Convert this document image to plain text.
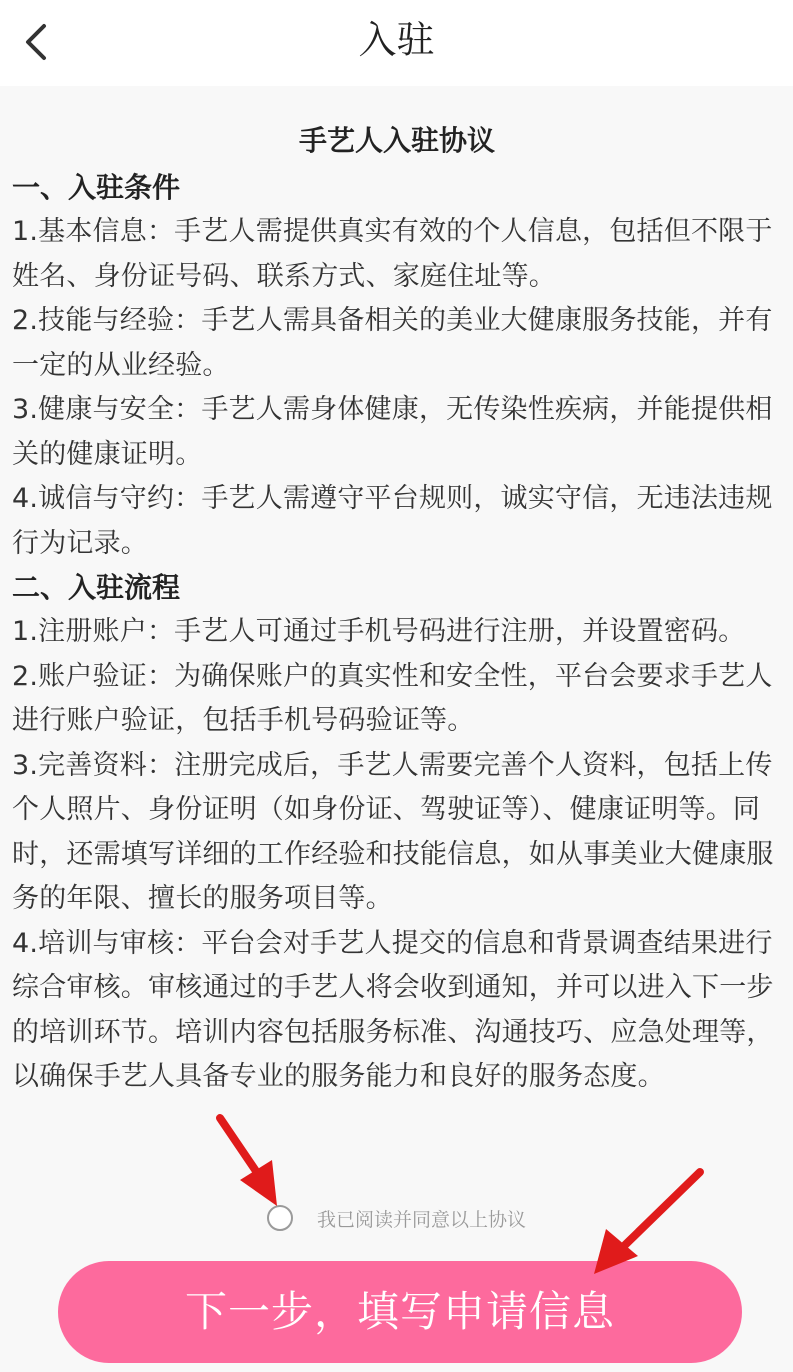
入驻
手艺人入驻协议
一、入驻条件
1.基本信息：手艺人需提供真实有效的个人信息，包括但不限于姓名、身份证号码、联系方式、家庭住址等。
2.技能与经验：手艺人需具备相关的美业大健康服务技能，并有一定的从业经验。
3.健康与安全：手艺人需身体健康，无传染性疾病，并能提供相关的健康证明。
4.诚信与守约：手艺人需遵守平台规则，诚实守信，无违法违规行为记录。
二、入驻流程
1.注册账户：手艺人可通过手机号码进行注册，并设置密码。
2.账户验证：为确保账户的真实性和安全性，平台会要求手艺人进行账户验证，包括手机号码验证等。
3.完善资料：注册完成后，手艺人需要完善个人资料，包括上传个人照片、身份证明（如身份证、驾驶证等）、健康证明等。同时，还需填写详细的工作经验和技能信息，如从事美业大健康服务的年限、擅长的服务项目等。
4.培训与审核：平台会对手艺人提交的信息和背景调查结果进行综合审核。审核通过的手艺人将会收到通知，并可以进入下一步的培训环节。培训内容包括服务标准、沟通技巧、应急处理等，以确保手艺人具备专业的服务能力和良好的服务态度。
我已阅读并同意以上协议
下一步，填写申请信息
